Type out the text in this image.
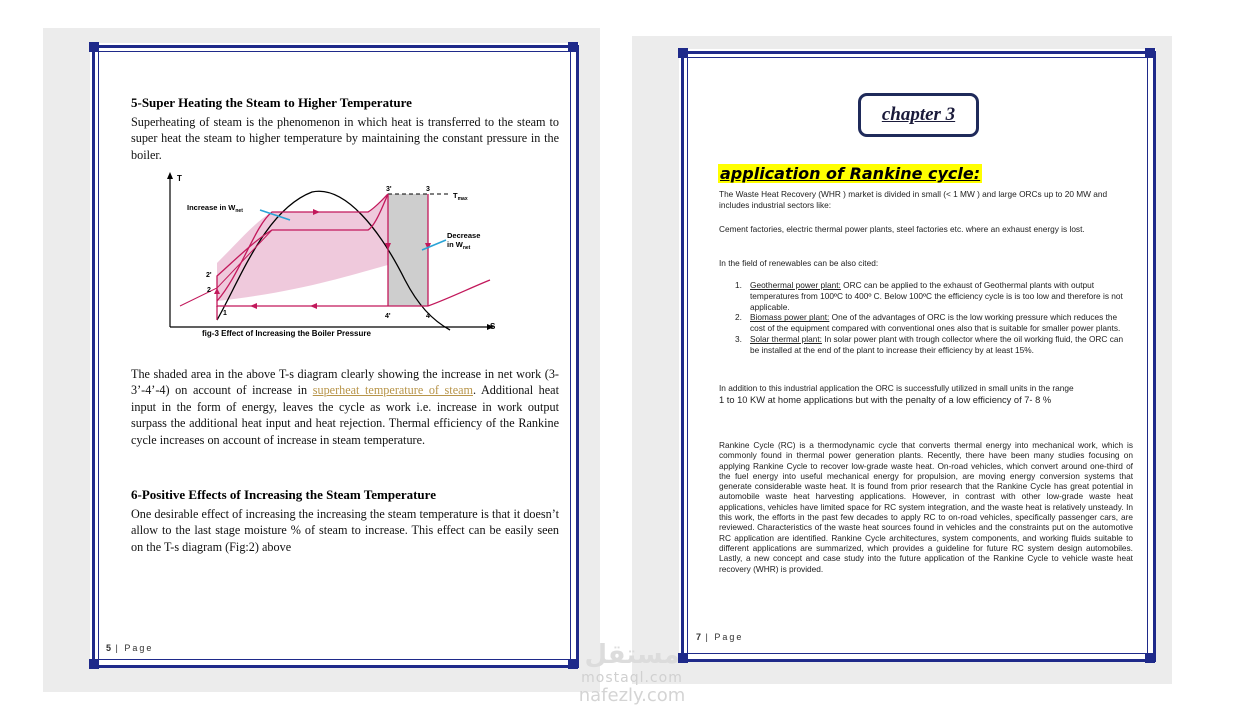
5-Super Heating the Steam to Higher Temperature
Superheating of steam is the phenomenon in which heat is transferred to the steam to super heat the steam to higher temperature by maintaining the constant pressure in the boiler.
T
S
Increase in $W_{net}$
Decrease
in $W_{net}$
$T_{max}$
3'	3
2'
2
1	4'	4
fig-3 Effect of Increasing the Boiler Pressure
The shaded area in the above T-s diagram clearly showing the increase in net work (3-3’-4’-4) on account of increase in superheat temperature of steam. Additional heat input in the form of energy, leaves the cycle as work i.e. increase in work output surpass the additional heat input and heat rejection. Thermal efficiency of the Rankine cycle increases on account of increase in steam temperature.
6-Positive Effects of Increasing the Steam Temperature
One desirable effect of increasing the increasing the steam temperature is that it doesn’t allow to the last stage moisture % of steam to increase. This effect can be easily seen on the T-s diagram (Fig:2) above
5 | Page
chapter 3
application of Rankine cycle:
The Waste Heat Recovery (WHR ) market is divided in small (< 1 MW ) and large ORCs up to 20 MW and includes industrial sectors like:
Cement factories, electric thermal power plants, steel factories etc. where an exhaust energy is lost.
In the field of renewables can be also cited:
1. Geothermal power plant: ORC can be applied to the exhaust of Geothermal plants with output temperatures from 100ºC to 400º C. Below 100ºC the efficiency cycle is is too low and therefore is not applicable.
2. Biomass power plant: One of the advantages of ORC is the low working pressure which reduces the cost of the equipment compared with conventional ones also that is suitable for smaller power plants.
3. Solar thermal plant: In solar power plant with trough collector where the oil working fluid, the ORC can be installed at the end of the plant to increase their efficiency by at least 15%.
In addition to this industrial application the ORC is successfully utilized in small units in the range
1 to 10 KW at home applications but with the penalty of a low efficiency of 7- 8 %
Rankine Cycle (RC) is a thermodynamic cycle that converts thermal energy into mechanical work, which is commonly found in thermal power generation plants. Recently, there have been many studies focusing on applying Rankine Cycle to recover low-grade waste heat. On-road vehicles, which convert around one-third of the fuel energy into useful mechanical energy for propulsion, are moving energy conversion systems that generate considerable waste heat. It is found from prior research that the Rankine Cycle has great potential in automobile waste heat harvesting applications. However, in contrast with other low-grade waste heat applications, vehicles have limited space for RC system integration, and the waste heat is relatively unsteady. In this work, the efforts in the past few decades to apply RC to on-road vehicles, specifically passenger cars, are reviewed. Characteristics of the waste heat sources found in vehicles and the constraints put on the automotive RC application are identified. Rankine Cycle architectures, system components, and working fluids suitable to different applications are summarized, which provides a guideline for future RC system design automobiles. Lastly, a new concept and case study into the future application of the Rankine Cycle to vehicle waste heat recovery (WHR) is provided.
7 | Page
مستقل
mostaql.com
nafezly.com
